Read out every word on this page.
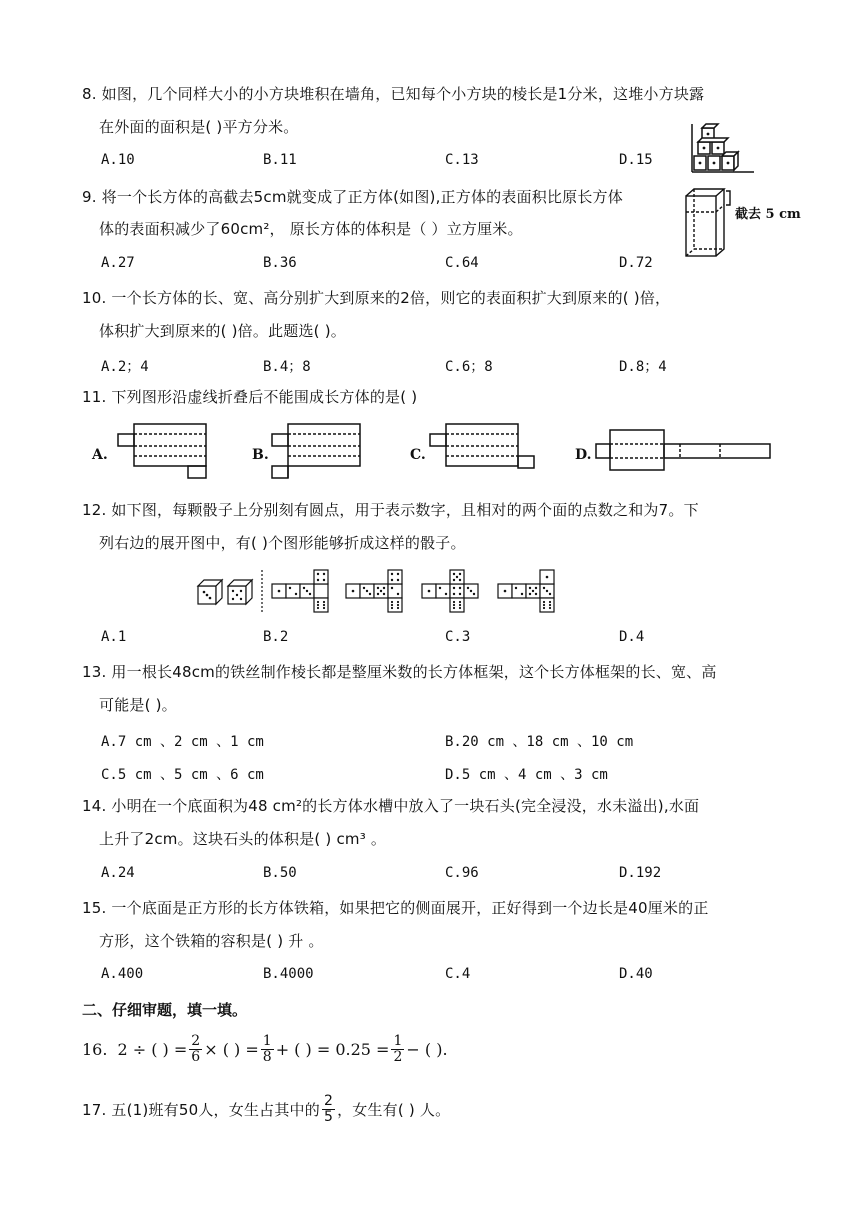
8. 如图，几个同样大小的小方块堆积在墙角，已知每个小方块的棱长是1分米，这堆小方块露
在外面的面积是( )平方分米。
A.10	B.11	C.13	D.15
9. 将一个长方体的高截去5cm就变成了正方体(如图),正方体的表面积比原长方体
体的表面积减少了60cm²， 原长方体的体积是（ ）立方厘米。
A.27	B.36	C.64	D.72
截去 5 cm
10. 一个长方体的长、宽、高分别扩大到原来的2倍，则它的表面积扩大到原来的( )倍，
体积扩大到原来的( )倍。此题选( )。
A.2；4	B.4；8	C.6；8	D.8；4
11. 下列图形沿虚线折叠后不能围成长方体的是( )
A.	B.	C.	D.
12. 如下图，每颗骰子上分别刻有圆点，用于表示数字，且相对的两个面的点数之和为7。下
列右边的展开图中，有( )个图形能够折成这样的骰子。
A.1	B.2	C.3	D.4
13. 用一根长48cm的铁丝制作棱长都是整厘米数的长方体框架，这个长方体框架的长、宽、高
可能是( )。
A.7 cm 、2 cm 、1 cm	B.20 cm 、18 cm 、10 cm
C.5 cm 、5 cm 、6 cm	D.5 cm 、4 cm 、3 cm
14. 小明在一个底面积为48 cm²的长方体水槽中放入了一块石头(完全浸没，水未溢出),水面
上升了2cm。这块石头的体积是( ) cm³ 。
A.24	B.50	C.96	D.192
15. 一个底面是正方形的长方体铁箱，如果把它的侧面展开，正好得到一个边长是40厘米的正
方形，这个铁箱的容积是( ) 升 。
A.400	B.4000	C.4	D.40
二、仔细审题，填一填。
16. 2 ÷ ( ) = $\frac{2}{6}$ × ( ) = $\frac{1}{8}$ + ( ) = $0.25 = \frac{1}{2}$ − ( ).
17. 五(1)班有50人，女生占其中的 $\frac{2}{5}$ ，女生有( ) 人。
